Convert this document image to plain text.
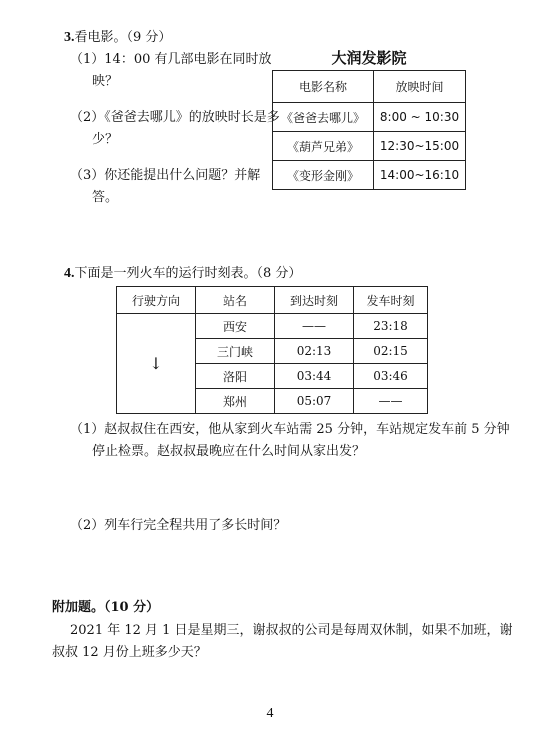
3.看电影。（9 分）
（1）14：00 有几部电影在同时放
映？
（2）《爸爸去哪儿》的放映时长是多
少？
（3）你还能提出什么问题？并解
答。
大润发影院
电影名称	放映时间
《爸爸去哪儿》	8:00 ~ 10:30
《葫芦兄弟》	12:30~15:00
《变形金刚》	14:00~16:10
4.下面是一列火车的运行时刻表。（8 分）
行驶方向	站名	到达时刻	发车时刻
↓	西安	——	23:18
	三门峡	02:13	02:15
	洛阳	03:44	03:46
	郑州	05:07	——
（1）赵叔叔住在西安，他从家到火车站需 25 分钟，车站规定发车前 5 分钟
停止检票。赵叔叔最晚应在什么时间从家出发？
（2）列车行完全程共用了多长时间？
附加题。（10 分）
2021 年 12 月 1 日是星期三，谢叔叔的公司是每周双休制，如果不加班，谢
叔叔 12 月份上班多少天？
4
